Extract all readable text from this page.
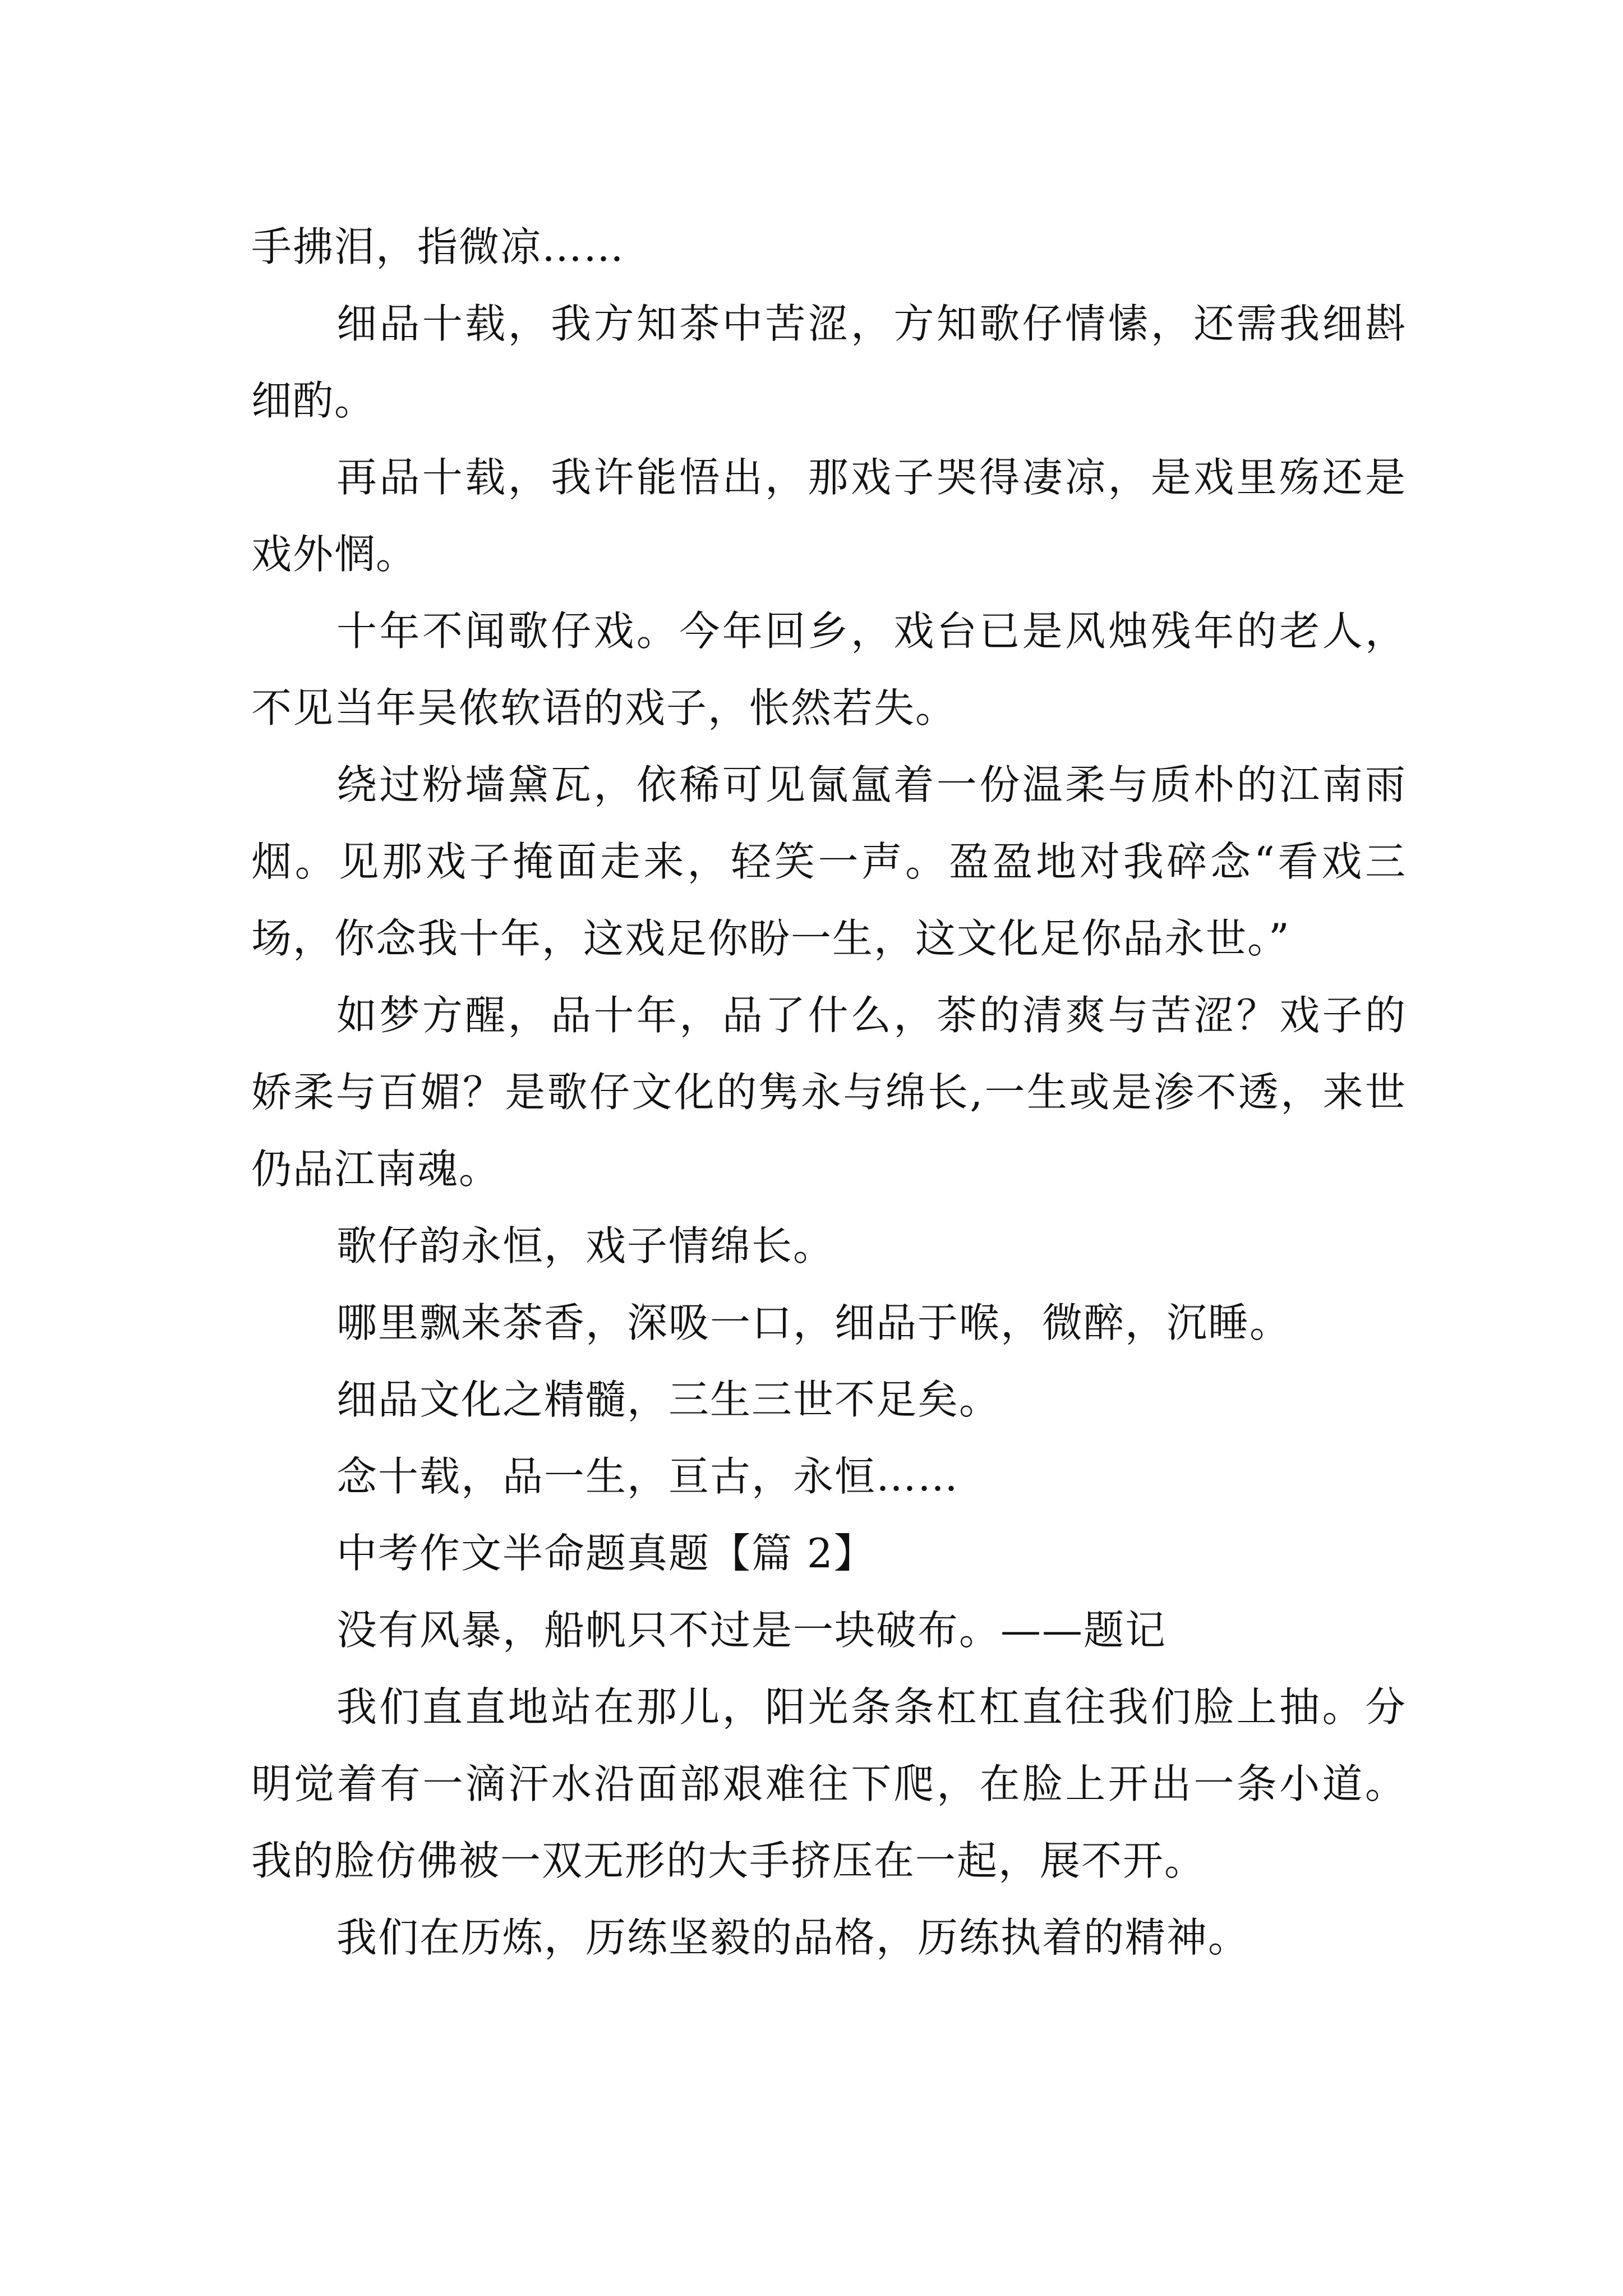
手拂泪，指微凉……

细品十载，我方知茶中苦涩，方知歌仔情愫，还需我细斟细酌。

再品十载，我许能悟出，那戏子哭得凄凉，是戏里殇还是戏外惘。

十年不闻歌仔戏。今年回乡，戏台已是风烛残年的老人，不见当年吴侬软语的戏子，怅然若失。

绕过粉墙黛瓦，依稀可见氤氲着一份温柔与质朴的江南雨烟。见那戏子掩面走来，轻笑一声。盈盈地对我碎念“看戏三场，你念我十年，这戏足你盼一生，这文化足你品永世。”

如梦方醒，品十年，品了什么，茶的清爽与苦涩？戏子的娇柔与百媚？是歌仔文化的隽永与绵长,一生或是渗不透，来世仍品江南魂。

歌仔韵永恒，戏子情绵长。

哪里飘来茶香，深吸一口，细品于喉，微醉，沉睡。

细品文化之精髓，三生三世不足矣。

念十载，品一生，亘古，永恒……

中考作文半命题真题【篇 2】

没有风暴，船帆只不过是一块破布。——题记

我们直直地站在那儿，阳光条条杠杠直往我们脸上抽。分明觉着有一滴汗水沿面部艰难往下爬，在脸上开出一条小道。我的脸仿佛被一双无形的大手挤压在一起，展不开。

我们在历炼，历练坚毅的品格，历练执着的精神。
